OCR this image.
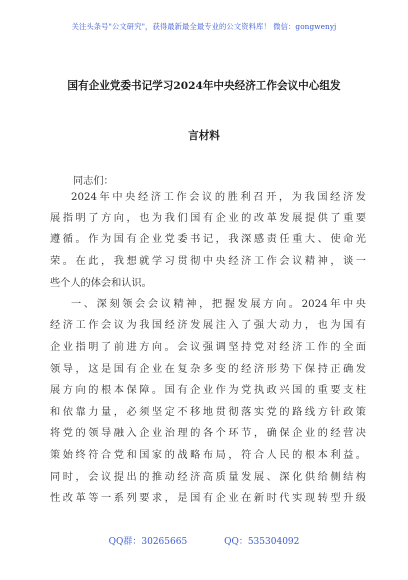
关注头条号"公文研究"，获得最新最全最专业的公文资料库！ 微信：gongwenyj
国有企业党委书记学习2024年中央经济工作会议中心组发
言材料
同志们：
2024年中央经济工作会议的胜利召开，为我国经济发
展指明了方向，也为我们国有企业的改革发展提供了重要
遵循。作为国有企业党委书记，我深感责任重大、使命光
荣。在此，我想就学习贯彻中央经济工作会议精神，谈一
些个人的体会和认识。
一、深刻领会会议精神，把握发展方向。2024年中央
经济工作会议为我国经济发展注入了强大动力，也为国有
企业指明了前进方向。会议强调坚持党对经济工作的全面
领导，这是国有企业在复杂多变的经济形势下保持正确发
展方向的根本保障。国有企业作为党执政兴国的重要支柱
和依靠力量，必须坚定不移地贯彻落实党的路线方针政策
将党的领导融入企业治理的各个环节，确保企业的经营决
策始终符合党和国家的战略布局，符合人民的根本利益。
同时，会议提出的推动经济高质量发展、深化供给侧结构
性改革等一系列要求，是国有企业在新时代实现转型升级
QQ群：30265665	QQ：535304092
